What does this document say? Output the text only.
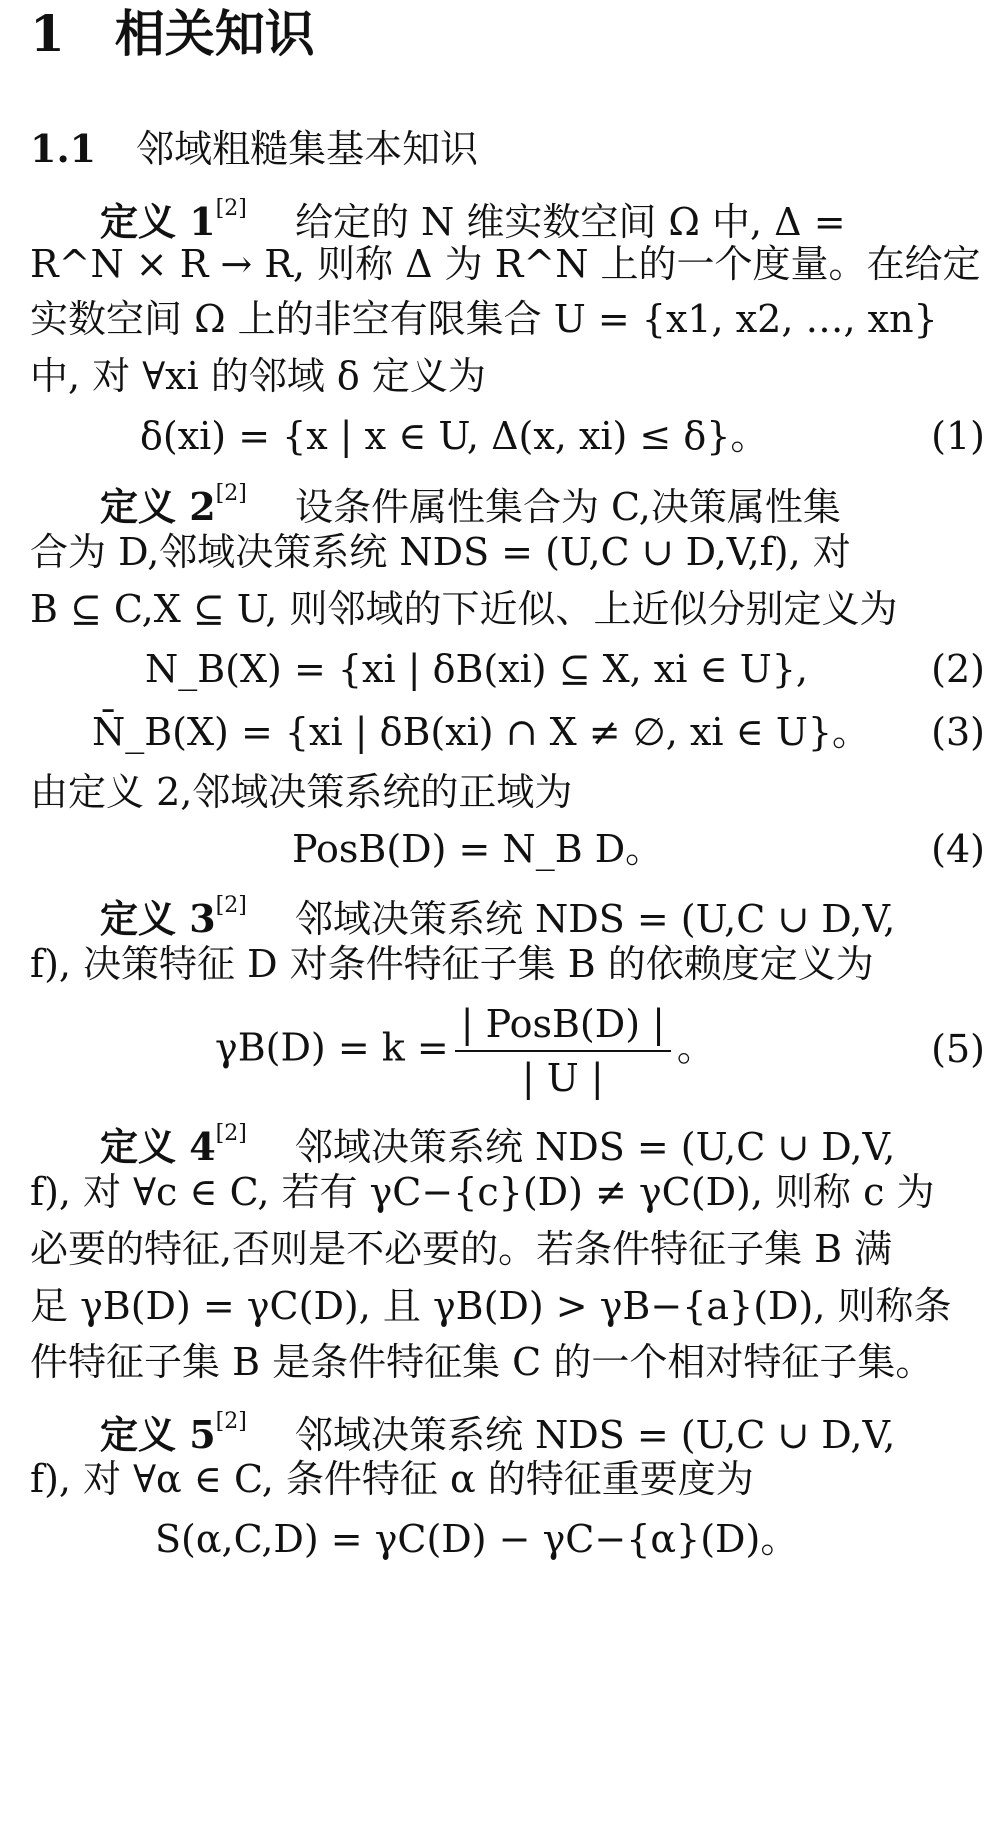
1 相关知识
1.1 邻域粗糙集基本知识
定义 1[2] 给定的 N 维实数空间 Ω 中, Δ =
R^N × R → R, 则称 Δ 为 R^N 上的一个度量。在给定
实数空间 Ω 上的非空有限集合 U = {x1, x2, …, xn}
中, 对 ∀xi 的邻域 δ 定义为
δ(xi) = {x | x ∈ U, Δ(x, xi) ≤ δ}。	(1)
定义 2[2] 设条件属性集合为 C,决策属性集
合为 D,邻域决策系统 NDS = (U,C ∪ D,V,f), 对
B ⊆ C,X ⊆ U, 则邻域的下近似、上近似分别定义为
N_B(X) = {xi | δB(xi) ⊆ X, xi ∈ U},	(2)
N̄_B(X) = {xi | δB(xi) ∩ X ≠ ∅, xi ∈ U}。 (3)
由定义 2,邻域决策系统的正域为
PosB(D) = N_B D。	(4)
定义 3[2] 邻域决策系统 NDS = (U,C ∪ D,V,
f), 决策特征 D 对条件特征子集 B 的依赖度定义为
$\gamma B(D) = k = \frac{\text{| PosB(D) |}}{| U |}$ 。	(5)
定义 4[2] 邻域决策系统 NDS = (U,C ∪ D,V,
f), 对 ∀c ∈ C, 若有 γC−{c}(D) ≠ γC(D), 则称 c 为
必要的特征,否则是不必要的。若条件特征子集 B 满
足 γB(D) = γC(D), 且 γB(D) > γB−{a}(D), 则称条
件特征子集 B 是条件特征集 C 的一个相对特征子集。
定义 5[2] 邻域决策系统 NDS = (U,C ∪ D,V,
f), 对 ∀α ∈ C, 条件特征 α 的特征重要度为
S(α,C,D) = γC(D) − γC−{α}(D)。
